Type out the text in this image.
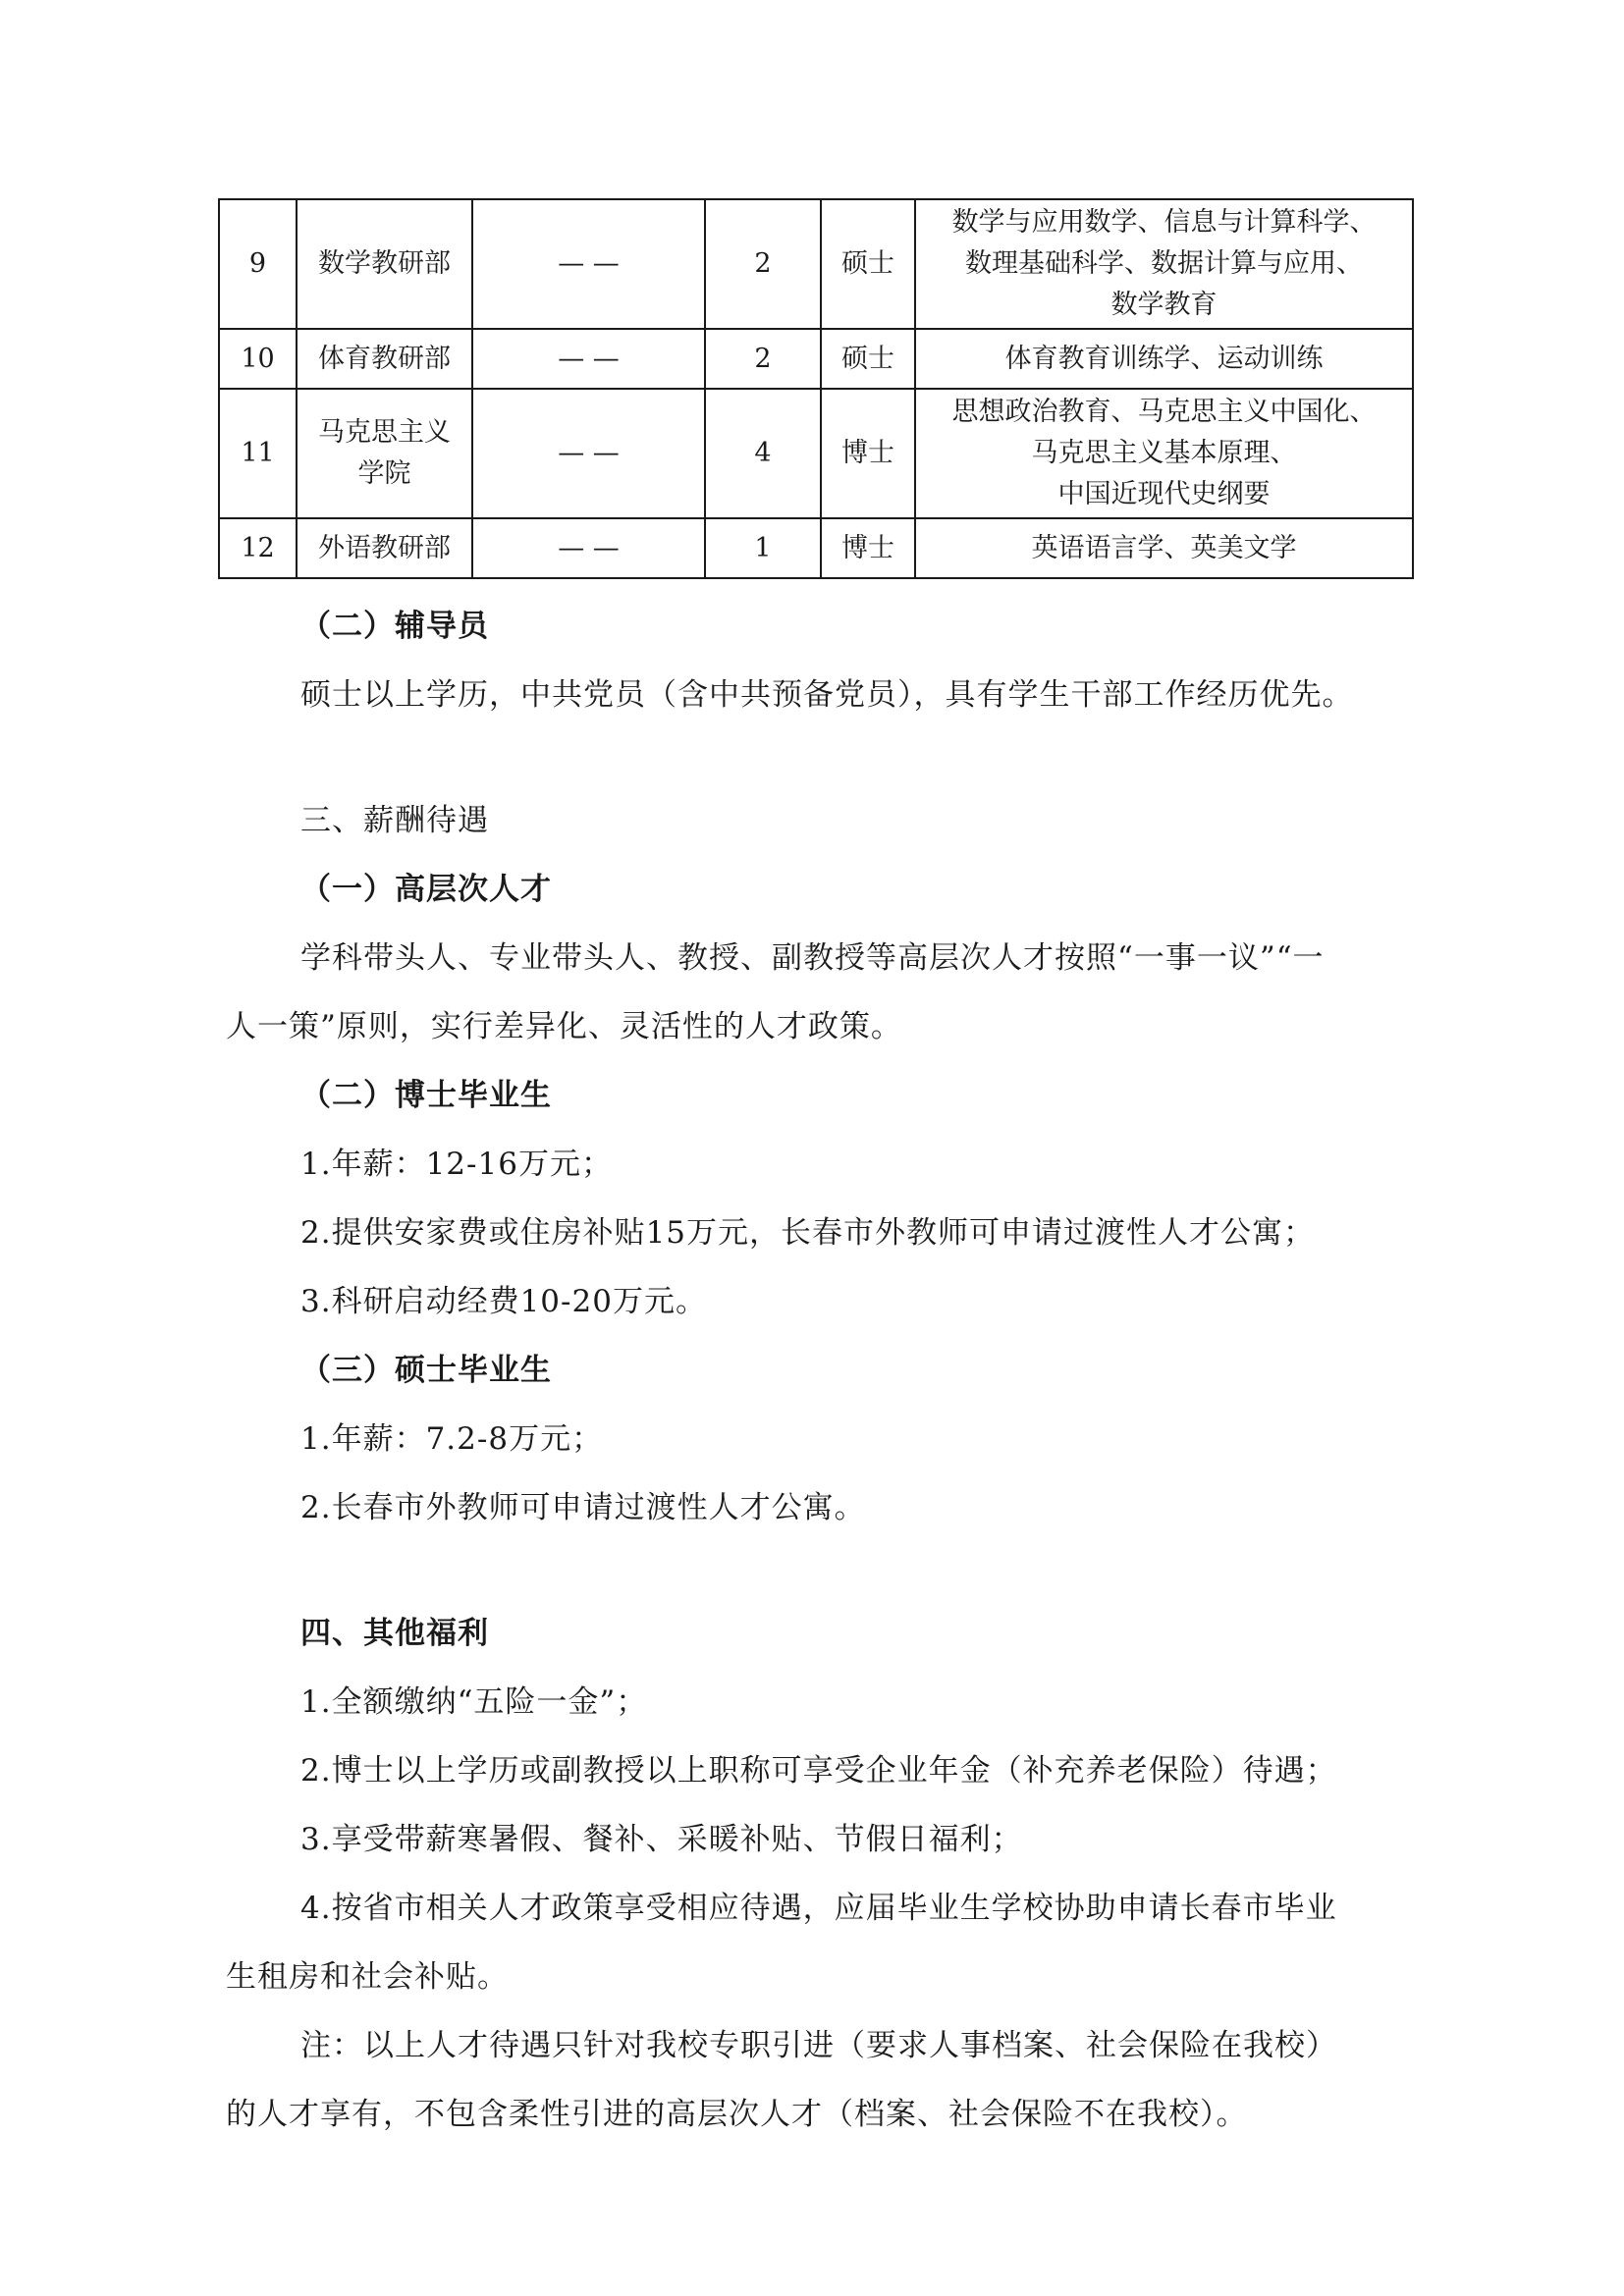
9	数学教研部	— —	2	硕士	数学与应用数学、信息与计算科学、
数理基础科学、数据计算与应用、
数学教育

10	体育教研部	— —	2	硕士	体育教育训练学、运动训练

11	马克思主义
学院	— —	4	博士	思想政治教育、马克思主义中国化、
马克思主义基本原理、
中国近现代史纲要

12	外语教研部	— —	1	博士	英语语言学、英美文学
（二）辅导员
硕士以上学历，中共党员（含中共预备党员），具有学生干部工作经历优先。
三、薪酬待遇
（一）高层次人才
学科带头人、专业带头人、教授、副教授等高层次人才按照“一事一议”“一
人一策”原则，实行差异化、灵活性的人才政策。
（二）博士毕业生
1.年薪：12-16万元；
2.提供安家费或住房补贴15万元，长春市外教师可申请过渡性人才公寓；
3.科研启动经费10-20万元。
（三）硕士毕业生
1.年薪：7.2-8万元；
2.长春市外教师可申请过渡性人才公寓。
四、其他福利
1.全额缴纳“五险一金”；
2.博士以上学历或副教授以上职称可享受企业年金（补充养老保险）待遇；
3.享受带薪寒暑假、餐补、采暖补贴、节假日福利；
4.按省市相关人才政策享受相应待遇，应届毕业生学校协助申请长春市毕业
生租房和社会补贴。
注：以上人才待遇只针对我校专职引进（要求人事档案、社会保险在我校）
的人才享有，不包含柔性引进的高层次人才（档案、社会保险不在我校）。
